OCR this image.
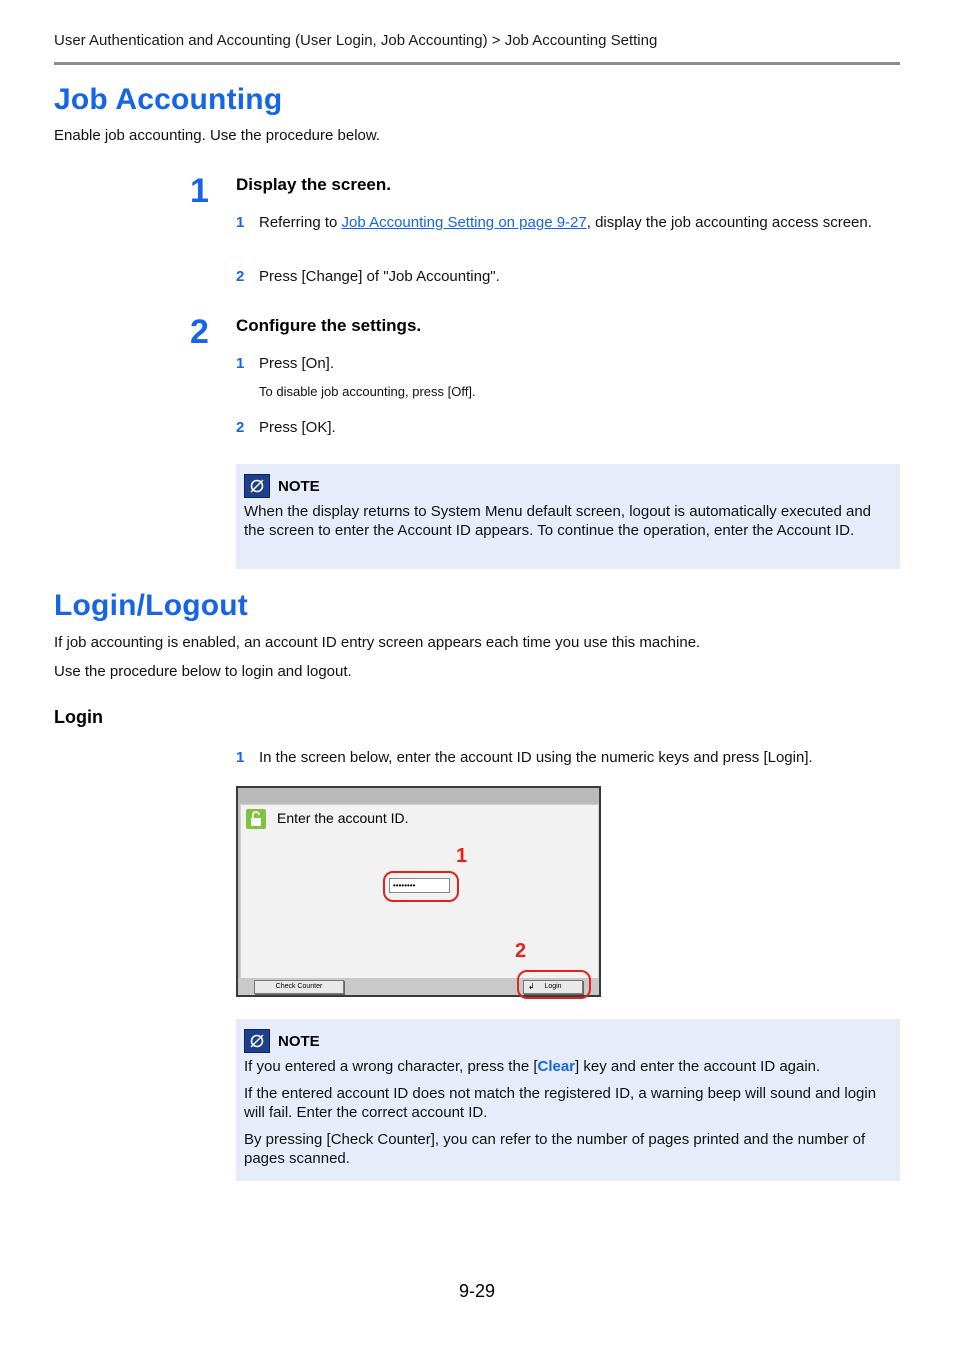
User Authentication and Accounting (User Login, Job Accounting) > Job Accounting Setting
Job Accounting
Enable job accounting. Use the procedure below.
1 Display the screen.
1 Referring to Job Accounting Setting on page 9-27, display the job accounting access screen.
2 Press [Change] of "Job Accounting".
2 Configure the settings.
1 Press [On].
To disable job accounting, press [Off].
2 Press [OK].
NOTE

When the display returns to System Menu default screen, logout is automatically executed and the screen to enter the Account ID appears. To continue the operation, enter the Account ID.

Login/Logout
If job accounting is enabled, an account ID entry screen appears each time you use this machine.
Use the procedure below to login and logout.
Login
1 In the screen below, enter the account ID using the numeric keys and press [Login].
Enter the account ID.
••••••••
1
2
Check Counter	↲ Login
NOTE

If you entered a wrong character, press the [Clear] key and enter the account ID again.

If the entered account ID does not match the registered ID, a warning beep will sound and login will fail. Enter the correct account ID.

By pressing [Check Counter], you can refer to the number of pages printed and the number of pages scanned.

9-29
